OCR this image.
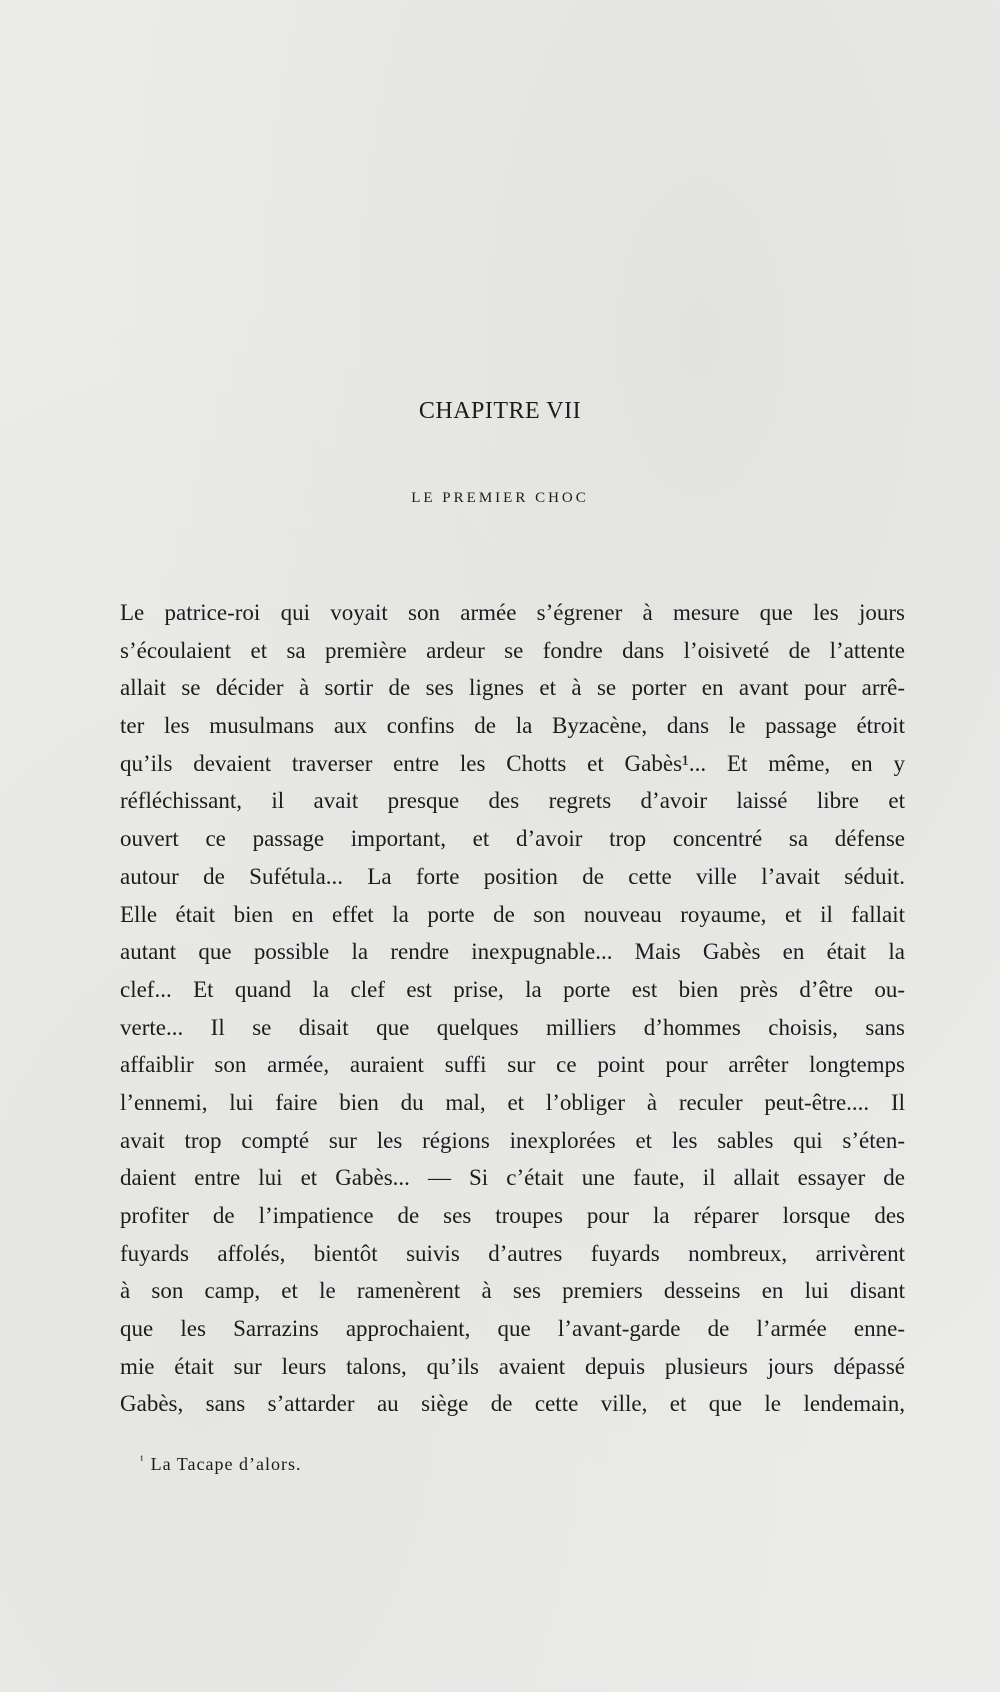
CHAPITRE VII
LE PREMIER CHOC
Le patrice-roi qui voyait son armée s’égrener à mesure que les jours
s’écoulaient et sa première ardeur se fondre dans l’oisiveté de l’attente
allait se décider à sortir de ses lignes et à se porter en avant pour arrê-
ter les musulmans aux confins de la Byzacène, dans le passage étroit
qu’ils devaient traverser entre les Chotts et Gabès¹... Et même, en y
réfléchissant, il avait presque des regrets d’avoir laissé libre et
ouvert ce passage important, et d’avoir trop concentré sa défense
autour de Sufétula... La forte position de cette ville l’avait séduit.
Elle était bien en effet la porte de son nouveau royaume, et il fallait
autant que possible la rendre inexpugnable... Mais Gabès en était la
clef... Et quand la clef est prise, la porte est bien près d’être ou-
verte... Il se disait que quelques milliers d’hommes choisis, sans
affaiblir son armée, auraient suffi sur ce point pour arrêter longtemps
l’ennemi, lui faire bien du mal, et l’obliger à reculer peut-être.... Il
avait trop compté sur les régions inexplorées et les sables qui s’éten-
daient entre lui et Gabès... — Si c’était une faute, il allait essayer de
profiter de l’impatience de ses troupes pour la réparer lorsque des
fuyards affolés, bientôt suivis d’autres fuyards nombreux, arrivèrent
à son camp, et le ramenèrent à ses premiers desseins en lui disant
que les Sarrazins approchaient, que l’avant-garde de l’armée enne-
mie était sur leurs talons, qu’ils avaient depuis plusieurs jours dépassé
Gabès, sans s’attarder au siège de cette ville, et que le lendemain,
$^{^1}$ La Tacape d’alors.
